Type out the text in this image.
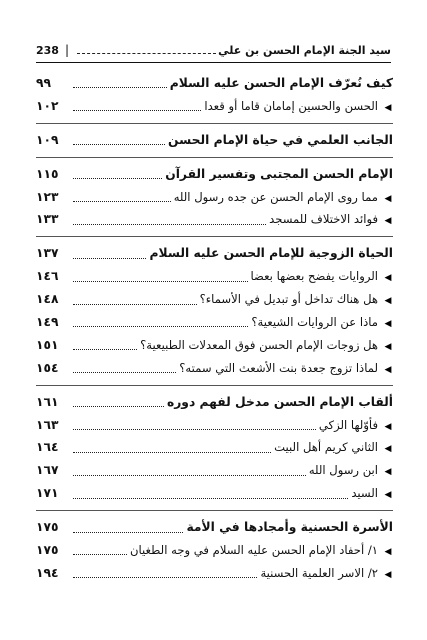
238 |	سيد الجنة الإمام الحسن بن علي
كيف نُعرّف الإمام الحسن عليه السلام
٩٩
◀
الحسن والحسين إمامان قاما أو قعدا
١٠٢
الجانب العلمي في حياة الإمام الحسن
١٠٩
الإمام الحسن المجتبى وتفسير القرآن
١١٥
◀
مما روى الإمام الحسن عن جده رسول الله
١٢٣
◀
فوائد الاختلاف للمسجد
١٣٣
الحياة الزوجية للإمام الحسن عليه السلام
١٣٧
◀
الروايات يفضح بعضها بعضا
١٤٦
◀
هل هناك تداخل أو تبديل في الأسماء؟
١٤٨
◀
ماذا عن الروايات الشيعية؟
١٤٩
◀
هل زوجات الإمام الحسن فوق المعدلات الطبيعية؟
١٥١
◀
لماذا تزوج جعدة بنت الأشعث التي سمته؟
١٥٤
ألقاب الإمام الحسن مدخل لفهم دوره
١٦١
◀
فأوّلها الزكي
١٦٣
◀
الثاني كريم أهل البيت
١٦٤
◀
ابن رسول الله
١٦٧
◀
السيد
١٧١
الأسرة الحسنية وأمجادها في الأمة
١٧٥
◀
١/ أحفاد الإمام الحسن عليه السلام في وجه الطغيان
١٧٥
◀
٢/ الاسر العلمية الحسنية
١٩٤
